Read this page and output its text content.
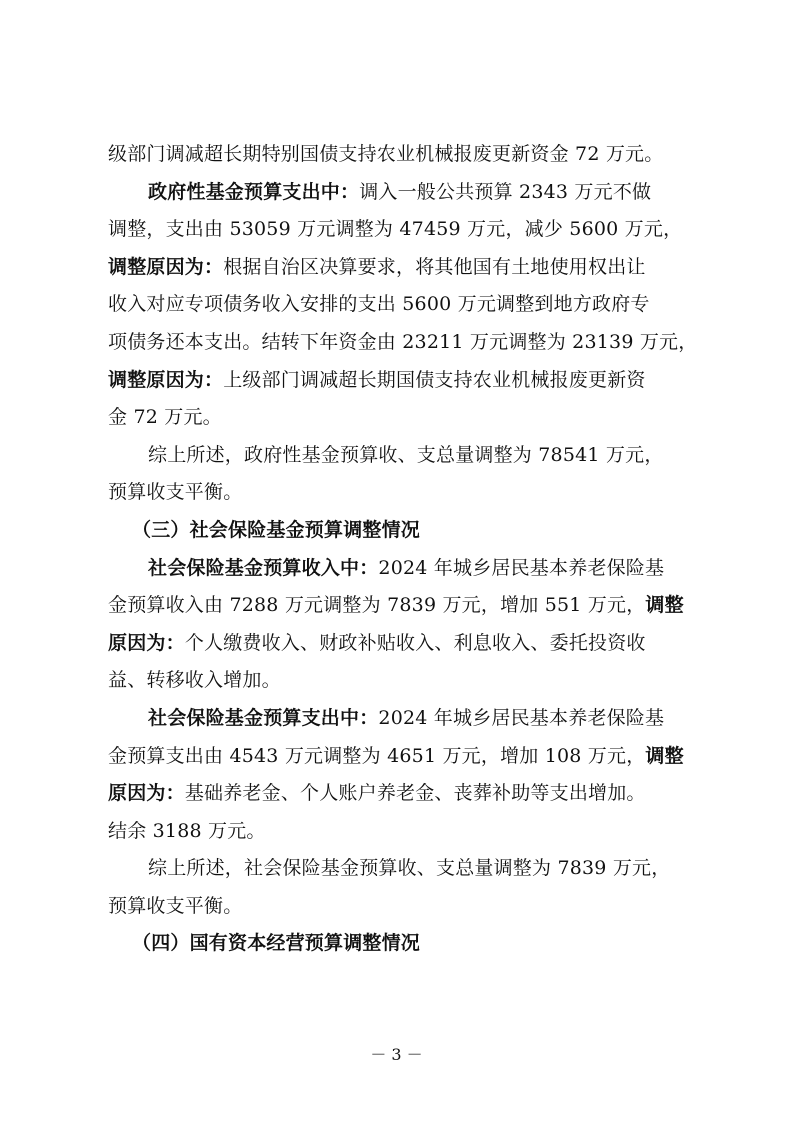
级部门调减超长期特别国债支持农业机械报废更新资金 72 万元。
政府性基金预算支出中：调入一般公共预算 2343 万元不做
调整，支出由 53059 万元调整为 47459 万元，减少 5600 万元，
调整原因为：根据自治区决算要求，将其他国有土地使用权出让
收入对应专项债务收入安排的支出 5600 万元调整到地方政府专
项债务还本支出。结转下年资金由 23211 万元调整为 23139 万元，
调整原因为：上级部门调减超长期国债支持农业机械报废更新资
金 72 万元。
综上所述，政府性基金预算收、支总量调整为 78541 万元，
预算收支平衡。
（三）社会保险基金预算调整情况
社会保险基金预算收入中：2024 年城乡居民基本养老保险基
金预算收入由 7288 万元调整为 7839 万元，增加 551 万元，调整
原因为：个人缴费收入、财政补贴收入、利息收入、委托投资收
益、转移收入增加。
社会保险基金预算支出中：2024 年城乡居民基本养老保险基
金预算支出由 4543 万元调整为 4651 万元，增加 108 万元，调整
原因为：基础养老金、个人账户养老金、丧葬补助等支出增加。
结余 3188 万元。
综上所述，社会保险基金预算收、支总量调整为 7839 万元，
预算收支平衡。
（四）国有资本经营预算调整情况
－ 3 －
